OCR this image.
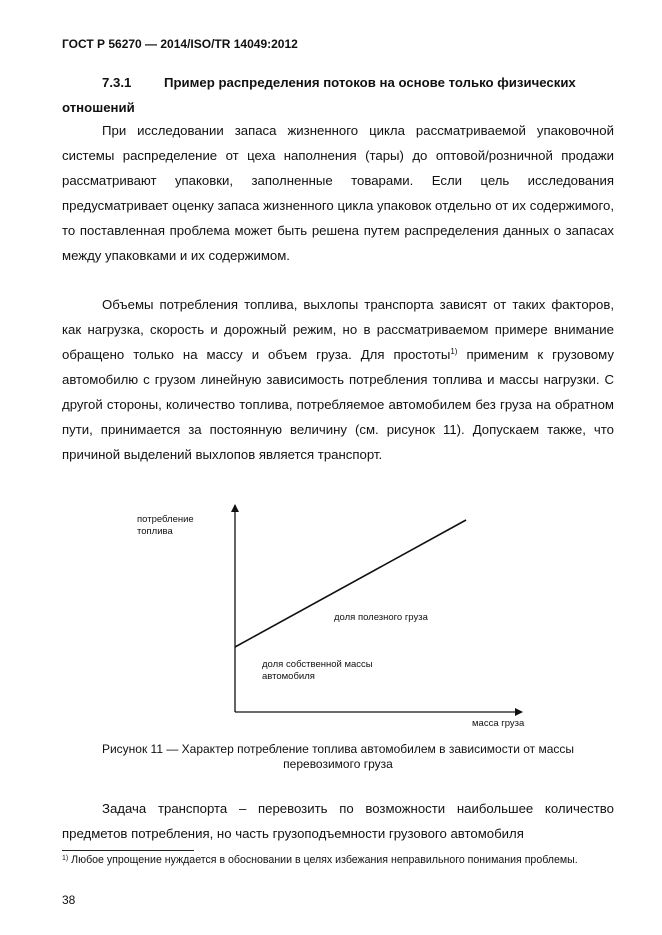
ГОСТ Р 56270 — 2014/ISO/TR 14049:2012
7.3.1 Пример распределения потоков на основе только физических
отношений

При исследовании запаса жизненного цикла рассматриваемой упаковочной системы распределение от цеха наполнения (тары) до оптовой/розничной продажи рассматривают упаковки, заполненные товарами. Если цель исследования предусматривает оценку запаса жизненного цикла упаковок отдельно от их содержимого, то поставленная проблема может быть решена путем распределения данных о запасах между упаковками и их содержимом.

Объемы потребления топлива, выхлопы транспорта зависят от таких факторов, как нагрузка, скорость и дорожный режим, но в рассматриваемом примере внимание обращено только на массу и объем груза. Для простоты$^{1)}$ применим к грузовому автомобилю с грузом линейную зависимость потребления топлива и массы нагрузки. С другой стороны, количество топлива, потребляемое автомобилем без груза на обратном пути, принимается за постоянную величину (см. рисунок 11). Допускаем также, что причиной выделений выхлопов является транспорт.

потребление
топлива
доля полезного груза
доля собственной массы
автомобиля
масса груза
Рисунок 11 — Характер потребление топлива автомобилем в зависимости от массы
перевозимого груза

Задача транспорта – перевозить по возможности наибольшее количество предметов потребления, но часть грузоподъемности грузового автомобиля

$^{1)}$ Любое упрощение нуждается в обосновании в целях избежания неправильного понимания проблемы.

38
